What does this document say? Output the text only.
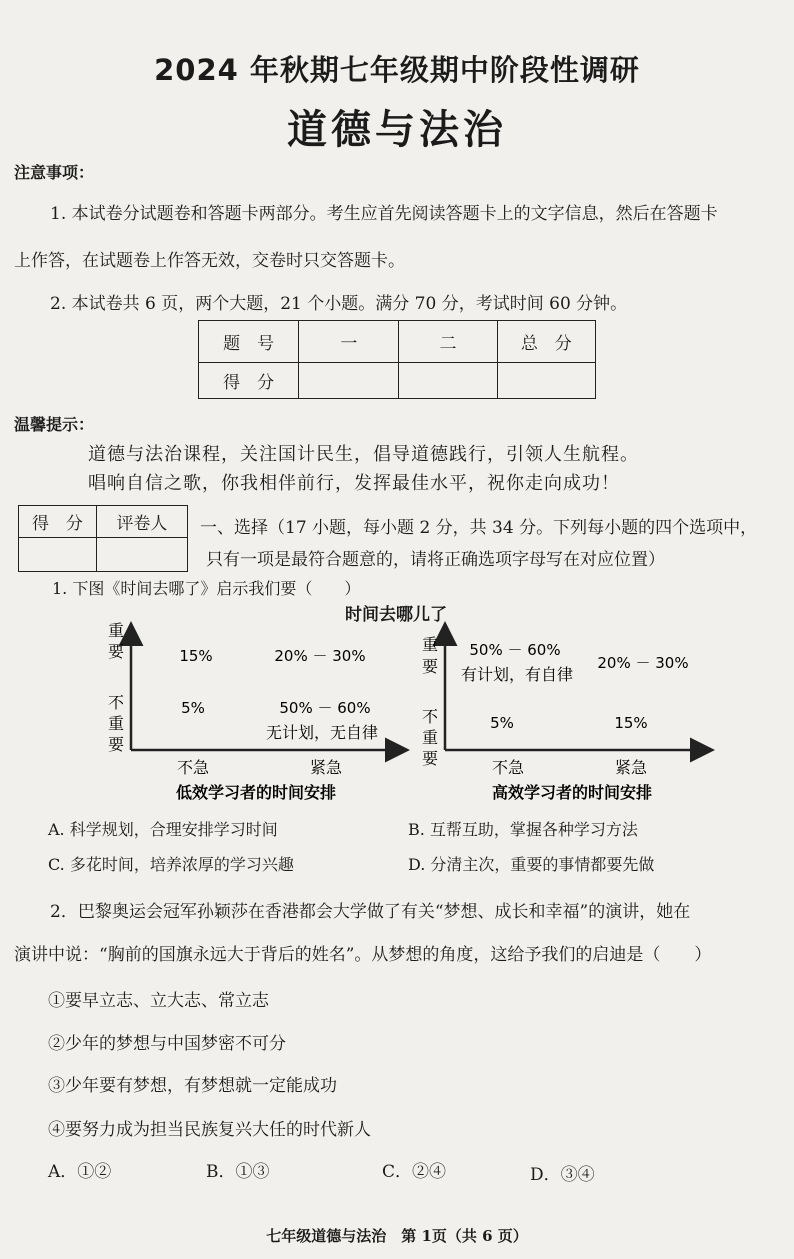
2024 年秋期七年级期中阶段性调研
道德与法治
注意事项：
1. 本试卷分试题卷和答题卡两部分。考生应首先阅读答题卡上的文字信息，然后在答题卡
上作答，在试题卷上作答无效，交卷时只交答题卡。
2. 本试卷共 6 页，两个大题，21 个小题。满分 70 分，考试时间 60 分钟。
题　号	一	二	总　分
得　分			
温馨提示：
道德与法治课程，关注国计民生，倡导道德践行，引领人生航程。
唱响自信之歌，你我相伴前行，发挥最佳水平，祝你走向成功！
得　分	评卷人
	一、选择（17 小题，每小题 2 分，共 34 分。下列每小题的四个选项中，
只有一项是最符合题意的，请将正确选项字母写在对应位置）
1. 下图《时间去哪了》启示我们要（　　）
时间去哪儿了
重
要
不
重
要
15%	20% － 30%
5%	50% － 60%
无计划，无自律
不急	紧急
低效学习者的时间安排
重
要
不
重
要
50% － 60%
有计划，有自律
20% － 30%
5%	15%
不急	紧急
高效学习者的时间安排
A. 科学规划，合理安排学习时间	B. 互帮互助，掌握各种学习方法
C. 多花时间，培养浓厚的学习兴趣	D. 分清主次，重要的事情都要先做
2．巴黎奥运会冠军孙颖莎在香港都会大学做了有关“梦想、成长和幸福”的演讲，她在
演讲中说：“胸前的国旗永远大于背后的姓名”。从梦想的角度，这给予我们的启迪是（　　）
①要早立志、立大志、常立志
②少年的梦想与中国梦密不可分
③少年要有梦想，有梦想就一定能成功
④要努力成为担当民族复兴大任的时代新人
A．①②	B．①③	C．②④	D．③④
七年级道德与法治　第 1页（共 6 页）
